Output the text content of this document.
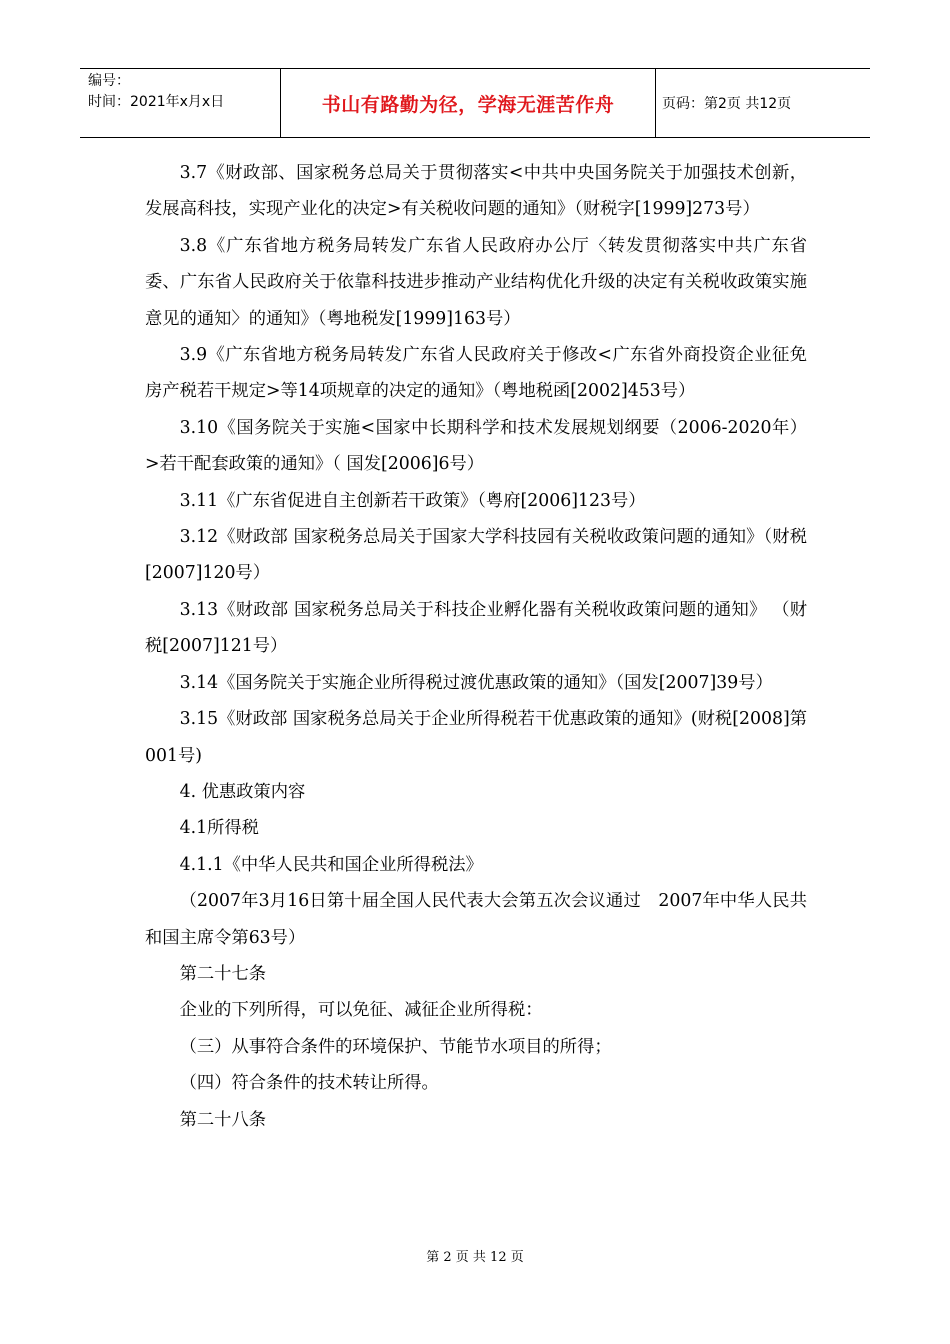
编号：
时间：2021年x月x日	书山有路勤为径，学海无涯苦作舟	页码：第2页 共12页

3.7《财政部、国家税务总局关于贯彻落实<中共中央国务院关于加强技术创新，发展高科技，实现产业化的决定>有关税收问题的通知》（财税字[1999]273号）

3.8《广东省地方税务局转发广东省人民政府办公厅〈转发贯彻落实中共广东省委、广东省人民政府关于依靠科技进步推动产业结构优化升级的决定有关税收政策实施意见的通知〉的通知》（粤地税发[1999]163号）

3.9《广东省地方税务局转发广东省人民政府关于修改<广东省外商投资企业征免房产税若干规定>等14项规章的决定的通知》（粤地税函[2002]453号）

3.10《国务院关于实施<国家中长期科学和技术发展规划纲要（2006-2020年）>若干配套政策的通知》（ 国发[2006]6号）

3.11《广东省促进自主创新若干政策》（粤府[2006]123号）

3.12《财政部 国家税务总局关于国家大学科技园有关税收政策问题的通知》（财税[2007]120号）

3.13《财政部 国家税务总局关于科技企业孵化器有关税收政策问题的通知》 （财税[2007]121号）

3.14《国务院关于实施企业所得税过渡优惠政策的通知》（国发[2007]39号）

3.15《财政部 国家税务总局关于企业所得税若干优惠政策的通知》(财税[2008]第001号)

4. 优惠政策内容

4.1所得税

4.1.1《中华人民共和国企业所得税法》

（2007年3月16日第十届全国人民代表大会第五次会议通过　2007年中华人民共和国主席令第63号）

第二十七条

企业的下列所得，可以免征、减征企业所得税：

（三）从事符合条件的环境保护、节能节水项目的所得；

（四）符合条件的技术转让所得。

第二十八条

第 2 页 共 12 页
